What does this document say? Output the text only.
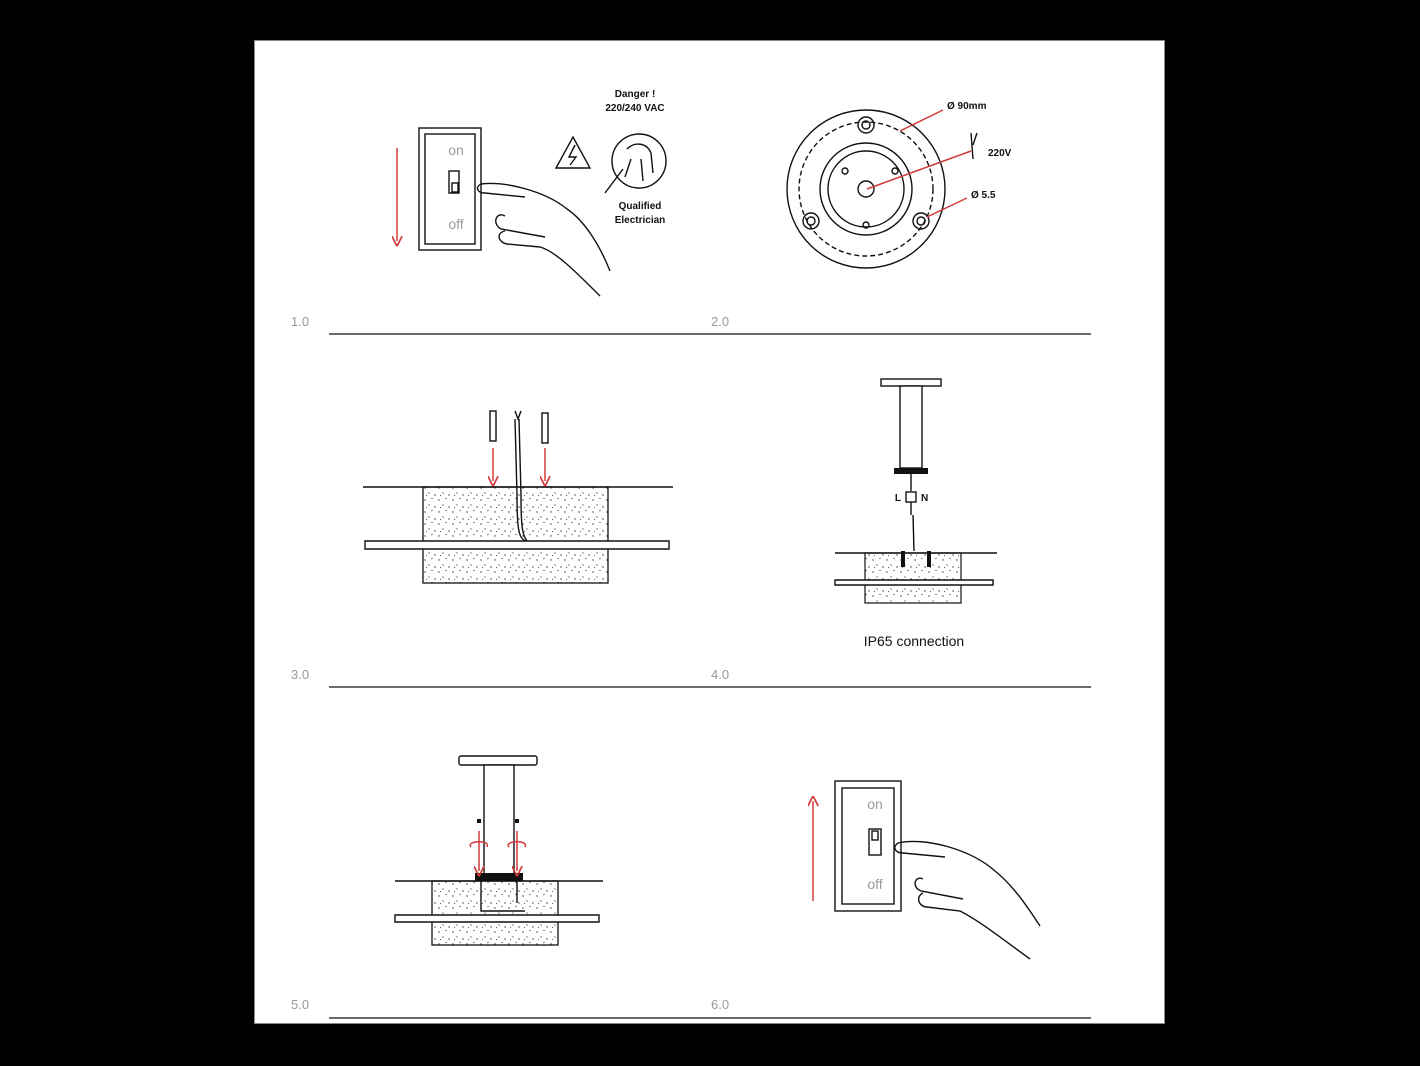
on
off
Danger !
220/240 VAC
Qualified
Electrician
Ø 90mm
220V
Ø 5.5
1.0	2.0
L N
IP65 connection
3.0	4.0
on
off
5.0	6.0
